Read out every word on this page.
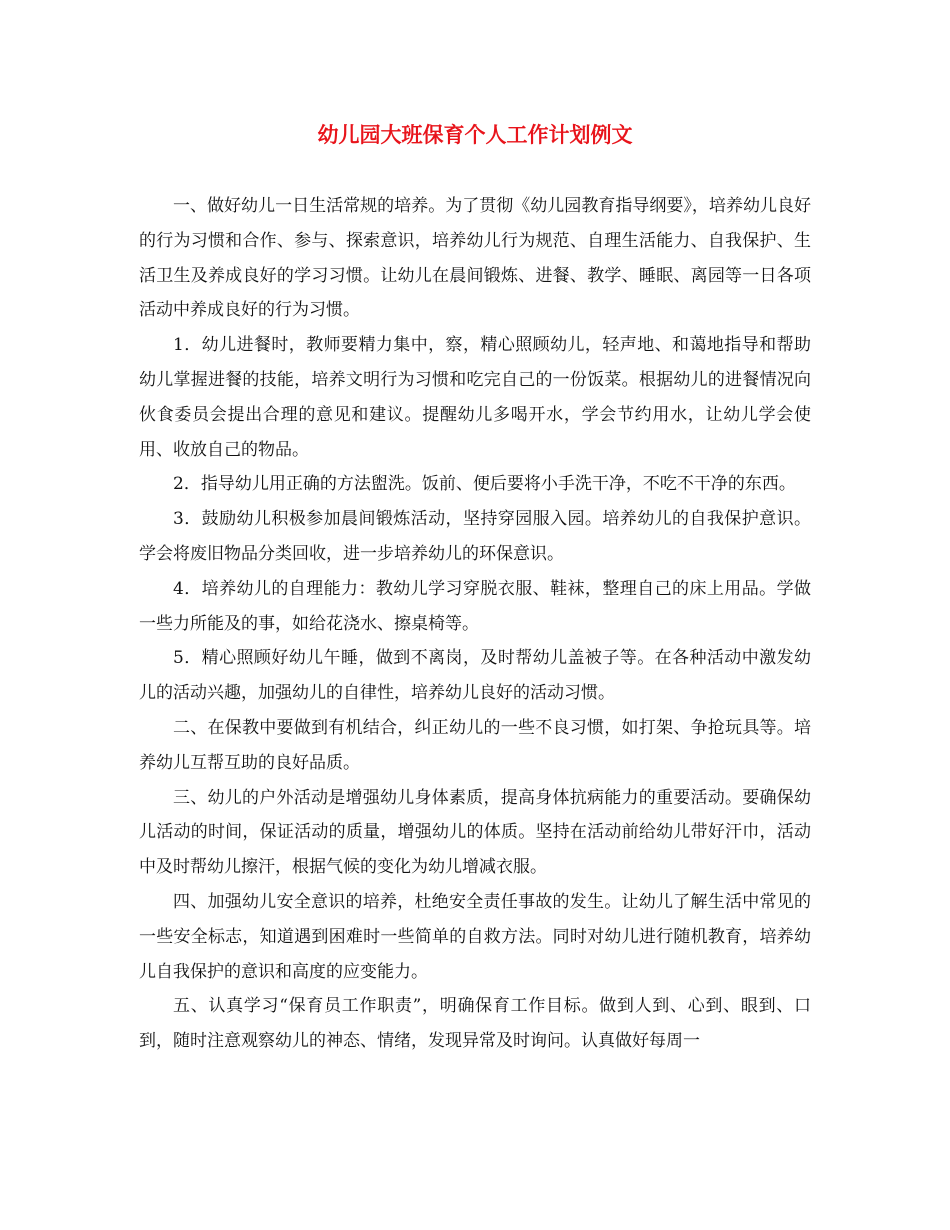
幼儿园大班保育个人工作计划例文

一、做好幼儿一日生活常规的培养。为了贯彻《幼儿园教育指导纲要》，培养幼儿良好的行为习惯和合作、参与、探索意识，培养幼儿行为规范、自理生活能力、自我保护、生活卫生及养成良好的学习习惯。让幼儿在晨间锻炼、进餐、教学、睡眠、离园等一日各项活动中养成良好的行为习惯。

1．幼儿进餐时，教师要精力集中，察，精心照顾幼儿，轻声地、和蔼地指导和帮助幼儿掌握进餐的技能，培养文明行为习惯和吃完自己的一份饭菜。根据幼儿的进餐情况向伙食委员会提出合理的意见和建议。提醒幼儿多喝开水，学会节约用水，让幼儿学会使用、收放自己的物品。

2．指导幼儿用正确的方法盥洗。饭前、便后要将小手洗干净，不吃不干净的东西。

3．鼓励幼儿积极参加晨间锻炼活动，坚持穿园服入园。培养幼儿的自我保护意识。学会将废旧物品分类回收，进一步培养幼儿的环保意识。

4．培养幼儿的自理能力：教幼儿学习穿脱衣服、鞋袜，整理自己的床上用品。学做一些力所能及的事，如给花浇水、擦桌椅等。

5．精心照顾好幼儿午睡，做到不离岗，及时帮幼儿盖被子等。在各种活动中激发幼儿的活动兴趣，加强幼儿的自律性，培养幼儿良好的活动习惯。

二、在保教中要做到有机结合，纠正幼儿的一些不良习惯，如打架、争抢玩具等。培养幼儿互帮互助的良好品质。

三、幼儿的户外活动是增强幼儿身体素质，提高身体抗病能力的重要活动。要确保幼儿活动的时间，保证活动的质量，增强幼儿的体质。坚持在活动前给幼儿带好汗巾，活动中及时帮幼儿擦汗，根据气候的变化为幼儿增减衣服。

四、加强幼儿安全意识的培养，杜绝安全责任事故的发生。让幼儿了解生活中常见的一些安全标志，知道遇到困难时一些简单的自救方法。同时对幼儿进行随机教育，培养幼儿自我保护的意识和高度的应变能力。

五、认真学习“保育员工作职责”，明确保育工作目标。做到人到、心到、眼到、口到，随时注意观察幼儿的神态、情绪，发现异常及时询问。认真做好每周一
